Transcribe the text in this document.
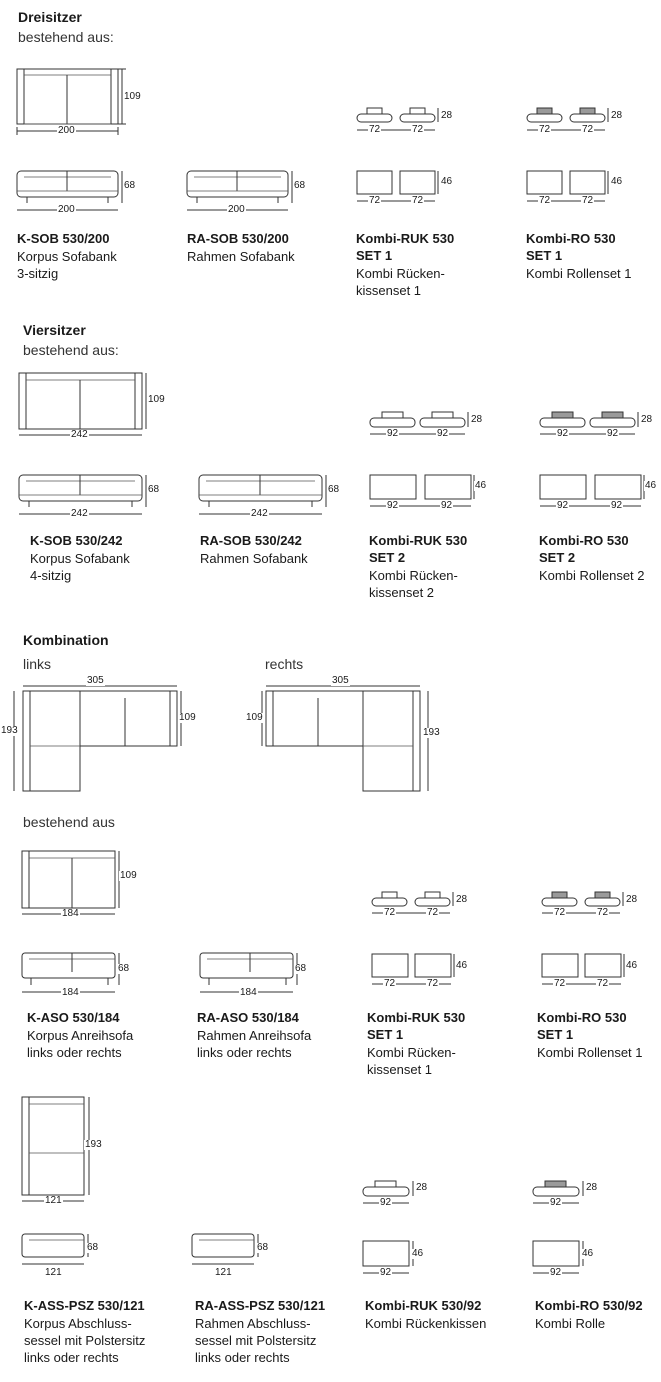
Dreisitzer
bestehend aus:
Viersitzer
bestehend aus:
Kombination
links	rechts
bestehend aus
200
109
200
68
200
68
72	72
28
72	72
46
72	72
28
72	72
46
242
109
242
68
242
68
92	92
28
92	92
46
92	92
28
92	92
46
305
193
109
305
109
193
184
109
184
68
184
68
72	72
28
72	72
46
72	72
28
72	72
46
121
193
121
68
121
68
92
28
92
46
92
28
92
46
K-SOB 530/200
Korpus Sofabank
3-sitzig
RA-SOB 530/200
Rahmen Sofabank
Kombi-RUK 530
SET 1
Kombi Rücken-
kissenset 1
Kombi-RO 530
SET 1
Kombi Rollenset 1
K-SOB 530/242
Korpus Sofabank
4-sitzig
RA-SOB 530/242
Rahmen Sofabank
Kombi-RUK 530
SET 2
Kombi Rücken-
kissenset 2
Kombi-RO 530
SET 2
Kombi Rollenset 2
K-ASO 530/184
Korpus Anreihsofa
links oder rechts
RA-ASO 530/184
Rahmen Anreihsofa
links oder rechts
Kombi-RUK 530
SET 1
Kombi Rücken-
kissenset 1
Kombi-RO 530
SET 1
Kombi Rollenset 1
K-ASS-PSZ 530/121
Korpus Abschluss-
sessel mit Polstersitz
links oder rechts
RA-ASS-PSZ 530/121
Rahmen Abschluss-
sessel mit Polstersitz
links oder rechts
Kombi-RUK 530/92
Kombi Rückenkissen
Kombi-RO 530/92
Kombi Rolle
